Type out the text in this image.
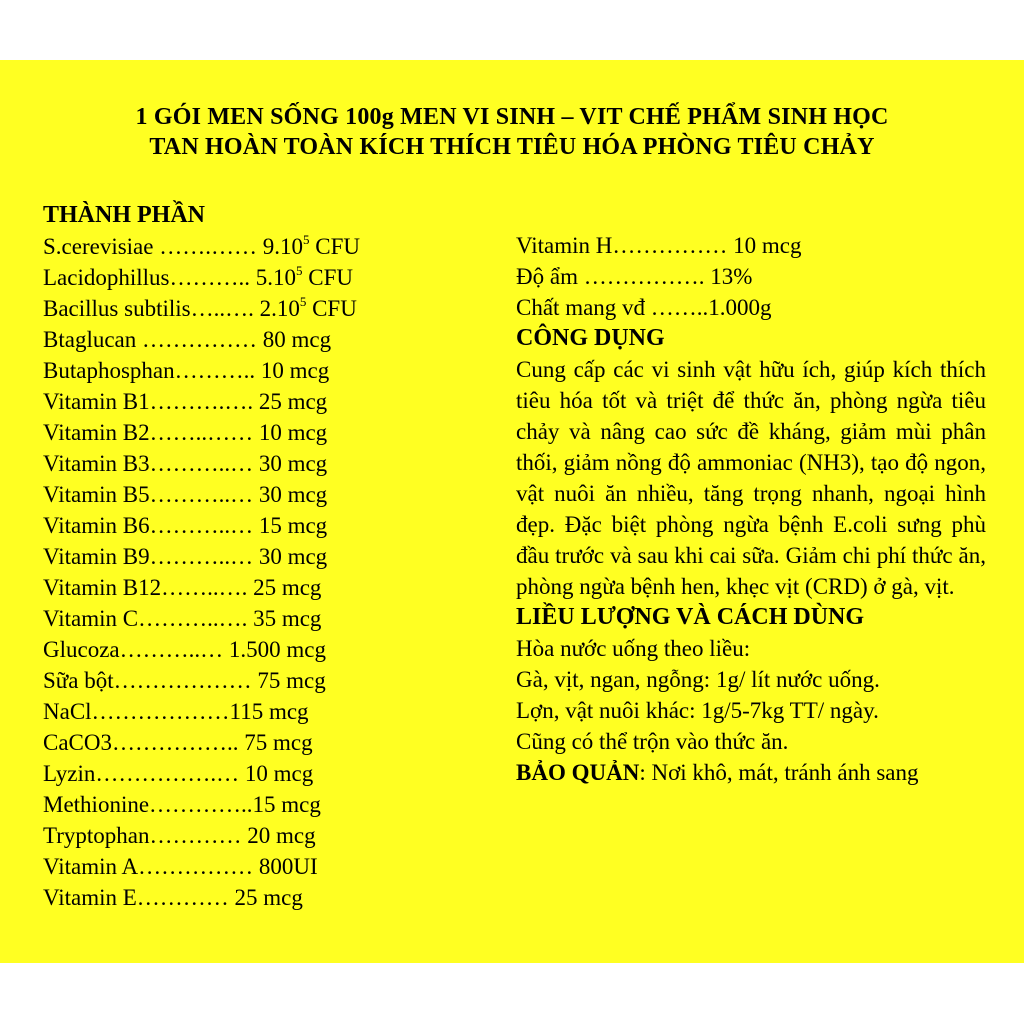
1 GÓI MEN SỐNG 100g MEN VI SINH – VIT CHẾ PHẨM SINH HỌC
TAN HOÀN TOÀN KÍCH THÍCH TIÊU HÓA PHÒNG TIÊU CHẢY
THÀNH PHẦN
S.cerevisiae …….…… 9.10$^5$ CFU
Lacidophillus……….. 5.10$^5$ CFU
Bacillus subtilis…..…. 2.10$^5$ CFU
Btaglucan …………… 80 mcg
Butaphosphan……….. 10 mcg
Vitamin B1……….…. 25 mcg
Vitamin B2……..…… 10 mcg
Vitamin B3………..… 30 mcg
Vitamin B5………..… 30 mcg
Vitamin B6………..… 15 mcg
Vitamin B9………..… 30 mcg
Vitamin B12……..…. 25 mcg
Vitamin C………..…. 35 mcg
Glucoza………..… 1.500 mcg
Sữa bột……………… 75 mcg
NaCl………………115 mcg
CaCO3…………….. 75 mcg
Lyzin…………….… 10 mcg
Methionine…………..15 mcg
Tryptophan………… 20 mcg
Vitamin A…………… 800UI
Vitamin E………… 25 mcg
Vitamin H…………… 10 mcg
Độ ẩm ……………. 13%
Chất mang vđ ……..1.000g
CÔNG DỤNG
Cung cấp các vi sinh vật hữu ích, giúp kích thích tiêu hóa tốt và triệt để thức ăn, phòng ngừa tiêu chảy và nâng cao sức đề kháng, giảm mùi phân thối, giảm nồng độ ammoniac (NH3), tạo độ ngon, vật nuôi ăn nhiều, tăng trọng nhanh, ngoại hình đẹp. Đặc biệt phòng ngừa bệnh E.coli sưng phù đầu trước và sau khi cai sữa. Giảm chi phí thức ăn, phòng ngừa bệnh hen, khẹc vịt (CRD) ở gà, vịt.
LIỀU LƯỢNG VÀ CÁCH DÙNG
Hòa nước uống theo liều:
Gà, vịt, ngan, ngỗng: 1g/ lít nước uống.
Lợn, vật nuôi khác: 1g/5-7kg TT/ ngày.
Cũng có thể trộn vào thức ăn.
BẢO QUẢN: Nơi khô, mát, tránh ánh sang
